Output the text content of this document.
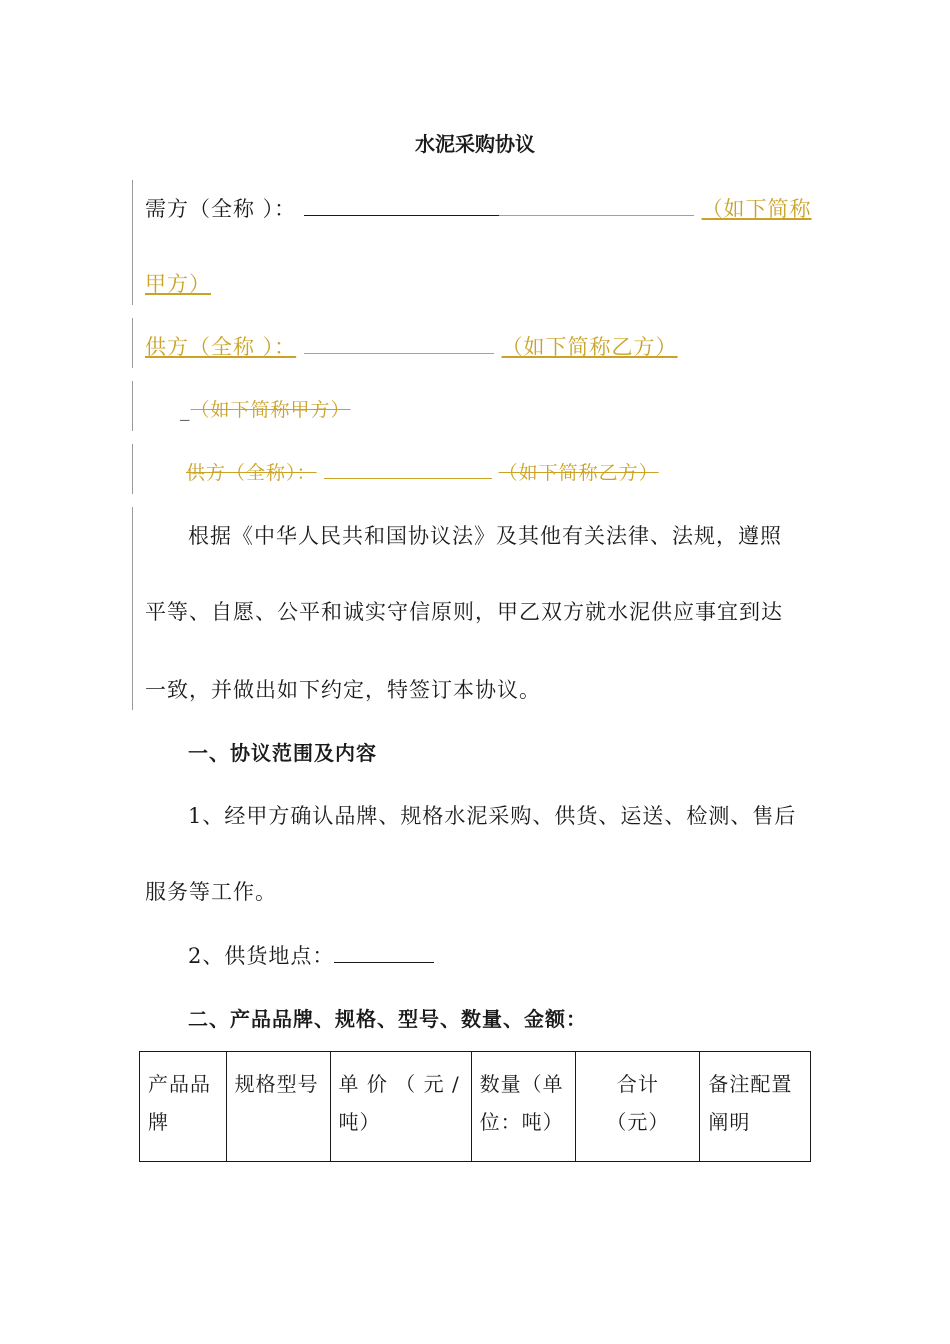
水泥采购协议
需方（全称 ）：	（如下简称
甲方）
供方（全称 ）：	（如下简称乙方）
_（如下简称甲方）
供方（全称）：	（如下简称乙方）
根据《中华人民共和国协议法》及其他有关法律、法规，遵照
平等、自愿、公平和诚实守信原则，甲乙双方就水泥供应事宜到达
一致，并做出如下约定，特签订本协议。
一、协议范围及内容
1、经甲方确认品牌、规格水泥采购、供货、运送、检测、售后
服务等工作。
2、供货地点：
二、产品品牌、规格、型号、数量、金额：
产品品牌	规格型号	单 价 （ 元 / 吨）	数量（单位：吨）	合计（元）	备注配置阐明
